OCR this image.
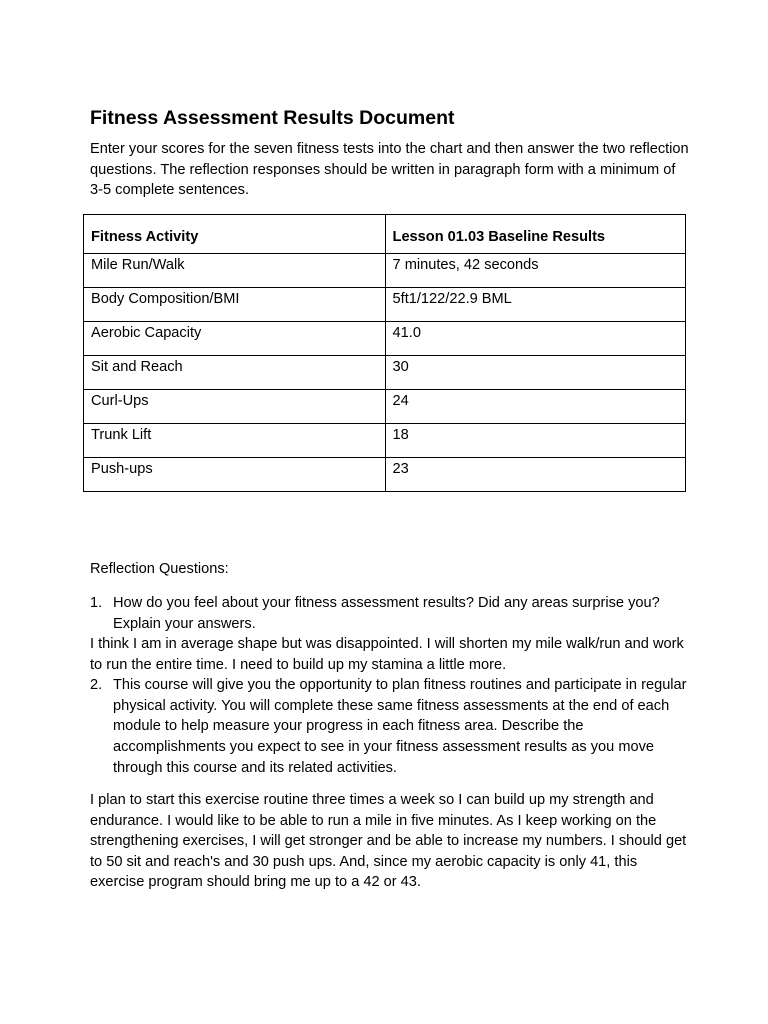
Fitness Assessment Results Document

Enter your scores for the seven fitness tests into the chart and then answer the two reflection questions. The reflection responses should be written in paragraph form with a minimum of 3-5 complete sentences.

Fitness Activity	Lesson 01.03 Baseline Results
Mile Run/Walk	7 minutes, 42 seconds
Body Composition/BMI	5ft1/122/22.9 BML
Aerobic Capacity	41.0
Sit and Reach	30
Curl-Ups	24
Trunk Lift	18
Push-ups	23

Reflection Questions:

1. How do you feel about your fitness assessment results? Did any areas surprise you? Explain your answers.

I think I am in average shape but was disappointed. I will shorten my mile walk/run and work to run the entire time. I need to build up my stamina a little more.

2. This course will give you the opportunity to plan fitness routines and participate in regular physical activity. You will complete these same fitness assessments at the end of each module to help measure your progress in each fitness area. Describe the accomplishments you expect to see in your fitness assessment results as you move through this course and its related activities.

I plan to start this exercise routine three times a week so I can build up my strength and endurance. I would like to be able to run a mile in five minutes. As I keep working on the strengthening exercises, I will get stronger and be able to increase my numbers. I should get to 50 sit and reach's and 30 push ups. And, since my aerobic capacity is only 41, this exercise program should bring me up to a 42 or 43.
